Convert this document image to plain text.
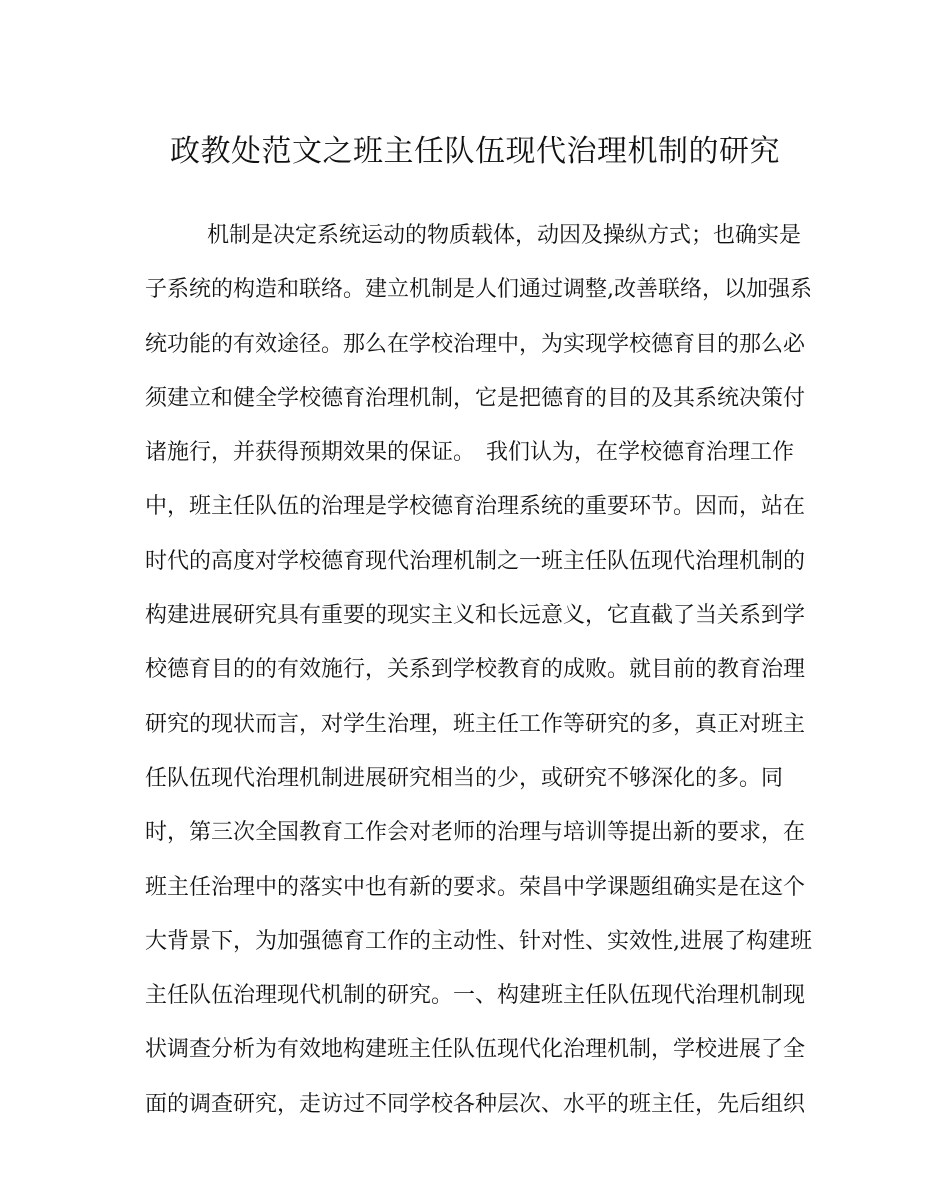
政教处范文之班主任队伍现代治理机制的研究
机制是决定系统运动的物质载体，动因及操纵方式；也确实是
子系统的构造和联络。建立机制是人们通过调整,改善联络，以加强系
统功能的有效途径。那么在学校治理中，为实现学校德育目的那么必
须建立和健全学校德育治理机制，它是把德育的目的及其系统决策付
诸施行，并获得预期效果的保证。　我们认为，在学校德育治理工作
中，班主任队伍的治理是学校德育治理系统的重要环节。因而，站在
时代的高度对学校德育现代治理机制之一班主任队伍现代治理机制的
构建进展研究具有重要的现实主义和长远意义，它直截了当关系到学
校德育目的的有效施行，关系到学校教育的成败。就目前的教育治理
研究的现状而言，对学生治理，班主任工作等研究的多，真正对班主
任队伍现代治理机制进展研究相当的少，或研究不够深化的多。同
时，第三次全国教育工作会对老师的治理与培训等提出新的要求，在
班主任治理中的落实中也有新的要求。荣昌中学课题组确实是在这个
大背景下，为加强德育工作的主动性、针对性、实效性,进展了构建班
主任队伍治理现代机制的研究。一、构建班主任队伍现代治理机制现
状调查分析为有效地构建班主任队伍现代化治理机制，学校进展了全
面的调查研究，走访过不同学校各种层次、水平的班主任，先后组织
